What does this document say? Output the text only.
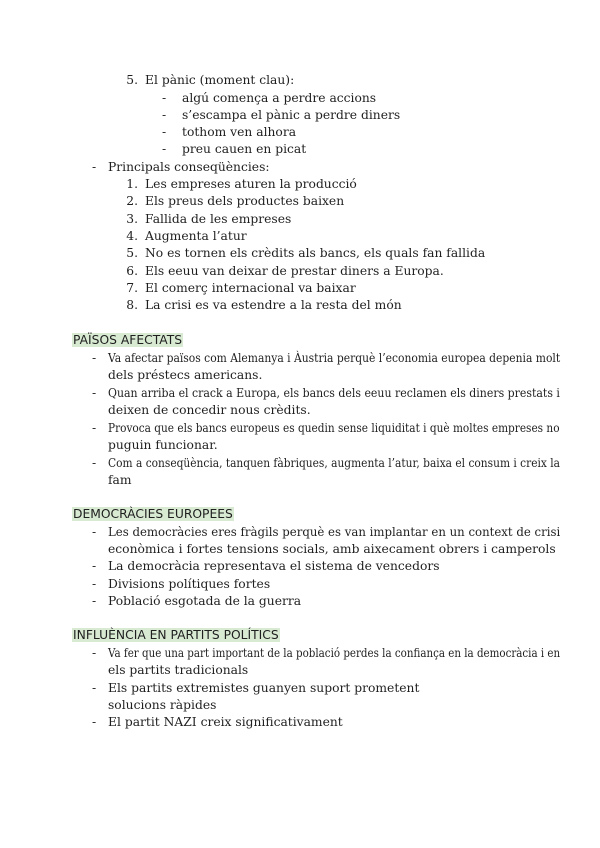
5. El pànic (moment clau):
- algú comença a perdre accions
- s’escampa el pànic a perdre diners
- tothom ven alhora
- preu cauen en picat
- Principals conseqüències:
1. Les empreses aturen la producció
2. Els preus dels productes baixen
3. Fallida de les empreses
4. Augmenta l’atur
5. No es tornen els crèdits als bancs, els quals fan fallida
6. Els eeuu van deixar de prestar diners a Europa.
7. El comerç internacional va baixar
8. La crisi es va estendre a la resta del món
PAÏSOS AFECTATS
- Va afectar països com Alemanya i Àustria perquè l’economia europea depenia molt
dels préstecs americans.
- Quan arriba el crack a Europa, els bancs dels eeuu reclamen els diners prestats i
deixen de concedir nous crèdits.
- Provoca que els bancs europeus es quedin sense liquiditat i què moltes empreses no
puguin funcionar.
- Com a conseqüència, tanquen fàbriques, augmenta l’atur, baixa el consum i creix la
fam
DEMOCRÀCIES EUROPEES
- Les democràcies eres fràgils perquè es van implantar en un context de crisi
econòmica i fortes tensions socials, amb aixecament obrers i camperols
- La democràcia representava el sistema de vencedors
- Divisions polítiques fortes
- Població esgotada de la guerra
INFLUÈNCIA EN PARTITS POLÍTICS
- Va fer que una part important de la població perdes la confiança en la democràcia i en
els partits tradicionals
- Els partits extremistes guanyen suport prometent
solucions ràpides
- El partit NAZI creix significativament
